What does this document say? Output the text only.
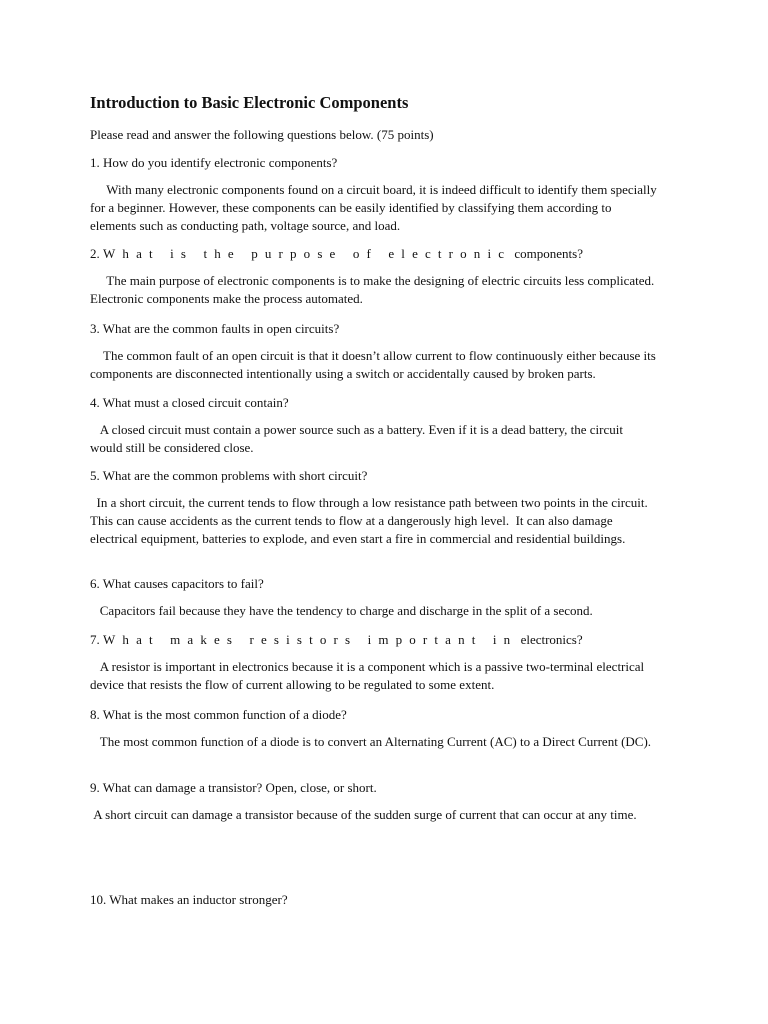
Introduction to Basic Electronic Components

Please read and answer the following questions below. (75 points)

1. How do you identify electronic components?

With many electronic components found on a circuit board, it is indeed difficult to identify them specially for a beginner. However, these components can be easily identified by classifying them according to elements such as conducting path, voltage source, and load.

2. What is the purpose of electronic components?

The main purpose of electronic components is to make the designing of electric circuits less complicated. Electronic components make the process automated.

3. What are the common faults in open circuits?

The common fault of an open circuit is that it doesn’t allow current to flow continuously either because its components are disconnected intentionally using a switch or accidentally caused by broken parts.

4. What must a closed circuit contain?

A closed circuit must contain a power source such as a battery. Even if it is a dead battery, the circuit would still be considered close.

5. What are the common problems with short circuit?

In a short circuit, the current tends to flow through a low resistance path between two points in the circuit. This can cause accidents as the current tends to flow at a dangerously high level.  It can also damage electrical equipment, batteries to explode, and even start a fire in commercial and residential buildings.

6. What causes capacitors to fail?

Capacitors fail because they have the tendency to charge and discharge in the split of a second.

7. What makes resistors important in electronics?

A resistor is important in electronics because it is a component which is a passive two-terminal electrical device that resists the flow of current allowing to be regulated to some extent.

8. What is the most common function of a diode?

The most common function of a diode is to convert an Alternating Current (AC) to a Direct Current (DC).

9. What can damage a transistor? Open, close, or short.

A short circuit can damage a transistor because of the sudden surge of current that can occur at any time.

10. What makes an inductor stronger?
